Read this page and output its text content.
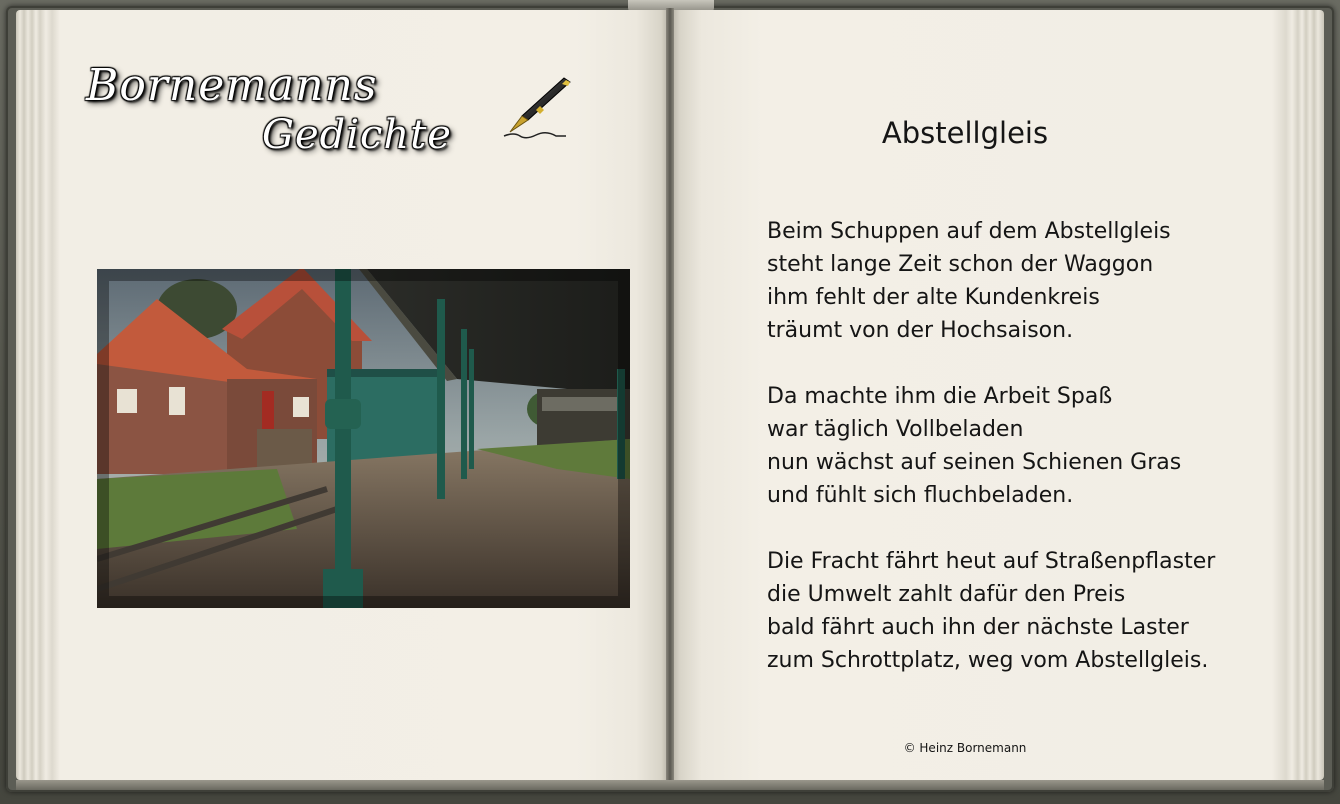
Bornemanns
Gedichte	Abstellgleis
Beim Schuppen auf dem Abstellgleis
steht lange Zeit schon der Waggon
ihm fehlt der alte Kundenkreis
träumt von der Hochsaison.
Da machte ihm die Arbeit Spaß
war täglich Vollbeladen
nun wächst auf seinen Schienen Gras
und fühlt sich fluchbeladen.
Die Fracht fährt heut auf Straßenpflaster
die Umwelt zahlt dafür den Preis
bald fährt auch ihn der nächste Laster
zum Schrottplatz, weg vom Abstellgleis.
© Heinz Bornemann
